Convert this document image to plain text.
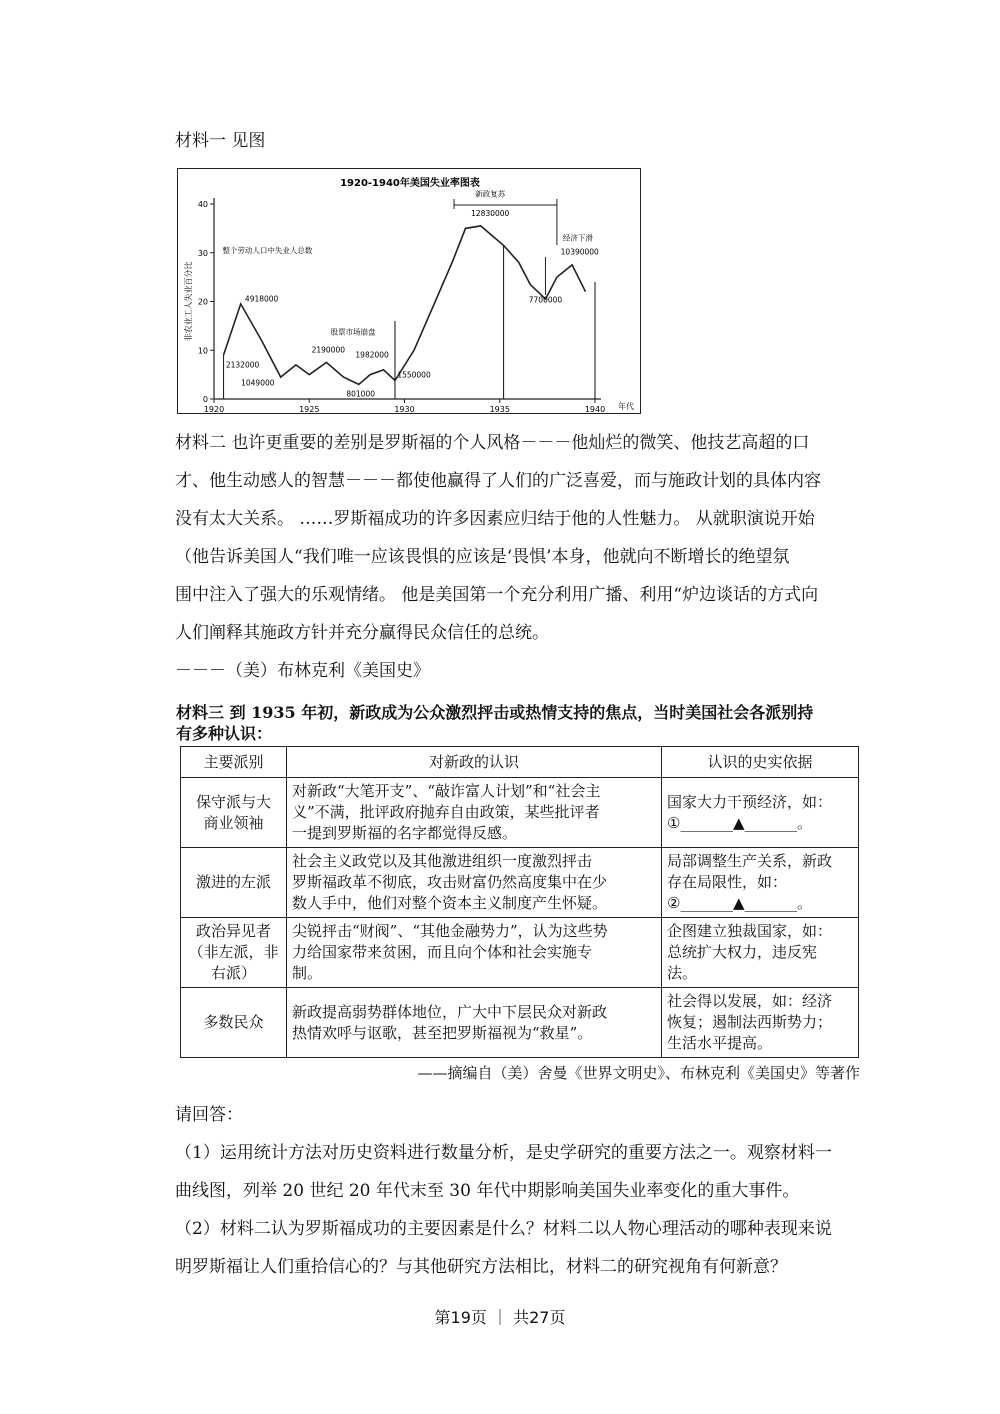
材料一 见图
1920-1940年美国失业率图表
非农业工人失业百分比
年代
0
10
20
30
40
1920	1925	1930	1935	1940
整个劳动人口中失业人总数
4918000
2132000
1049000
2190000
801000
股票市场崩盘
1982000
1550000
12830000
新政复苏
7700000
经济下滑
10390000
材料二 也许更重要的差别是罗斯福的个人风格－－－他灿烂的微笑、他技艺高超的口
才、他生动感人的智慧－－－都使他赢得了人们的广泛喜爱，而与施政计划的具体内容
没有太大关系。 ……罗斯福成功的许多因素应归结于他的人性魅力。 从就职演说开始
（他告诉美国人“我们唯一应该畏惧的应该是‘畏惧’本身，他就向不断增长的绝望氛
围中注入了强大的乐观情绪。 他是美国第一个充分利用广播、利用“炉边谈话的方式向
人们阐释其施政方针并充分赢得民众信任的总统。
－－－（美）布林克利《美国史》
材料三 到 1935 年初，新政成为公众激烈抨击或热情支持的焦点，当时美国社会各派别持
有多种认识：
主要派别	对新政的认识	认识的史实依据

保守派与大
商业领袖	对新政“大笔开支”、“敲诈富人计划”和“社会主
义”不满，批评政府抛弃自由政策，某些批评者
一提到罗斯福的名字都觉得反感。	国家大力干预经济，如：
①_______▲_______。

激进的左派	社会主义政党以及其他激进组织一度激烈抨击
罗斯福政革不彻底，攻击财富仍然高度集中在少
数人手中，他们对整个资本主义制度产生怀疑。	局部调整生产关系，新政
存在局限性，如：
②_______▲_______。

政治异见者
（非左派，非
右派）	尖锐抨击“财阀”、“其他金融势力”，认为这些势
力给国家带来贫困，而且向个体和社会实施专
制。	企图建立独裁国家，如：
总统扩大权力，违反宪
法。

多数民众	新政提高弱势群体地位，广大中下层民众对新政
热情欢呼与讴歌，甚至把罗斯福视为“救星”。	社会得以发展，如：经济
恢复；遏制法西斯势力；
生活水平提高。
——摘编自（美）舍曼《世界文明史》、布林克利《美国史》等著作
请回答：
（1）运用统计方法对历史资料进行数量分析，是史学研究的重要方法之一。观察材料一
曲线图，列举 20 世纪 20 年代末至 30 年代中期影响美国失业率变化的重大事件。
（2）材料二认为罗斯福成功的主要因素是什么？材料二以人物心理活动的哪种表现来说
明罗斯福让人们重拾信心的？与其他研究方法相比，材料二的研究视角有何新意？
第19页 ｜ 共27页
